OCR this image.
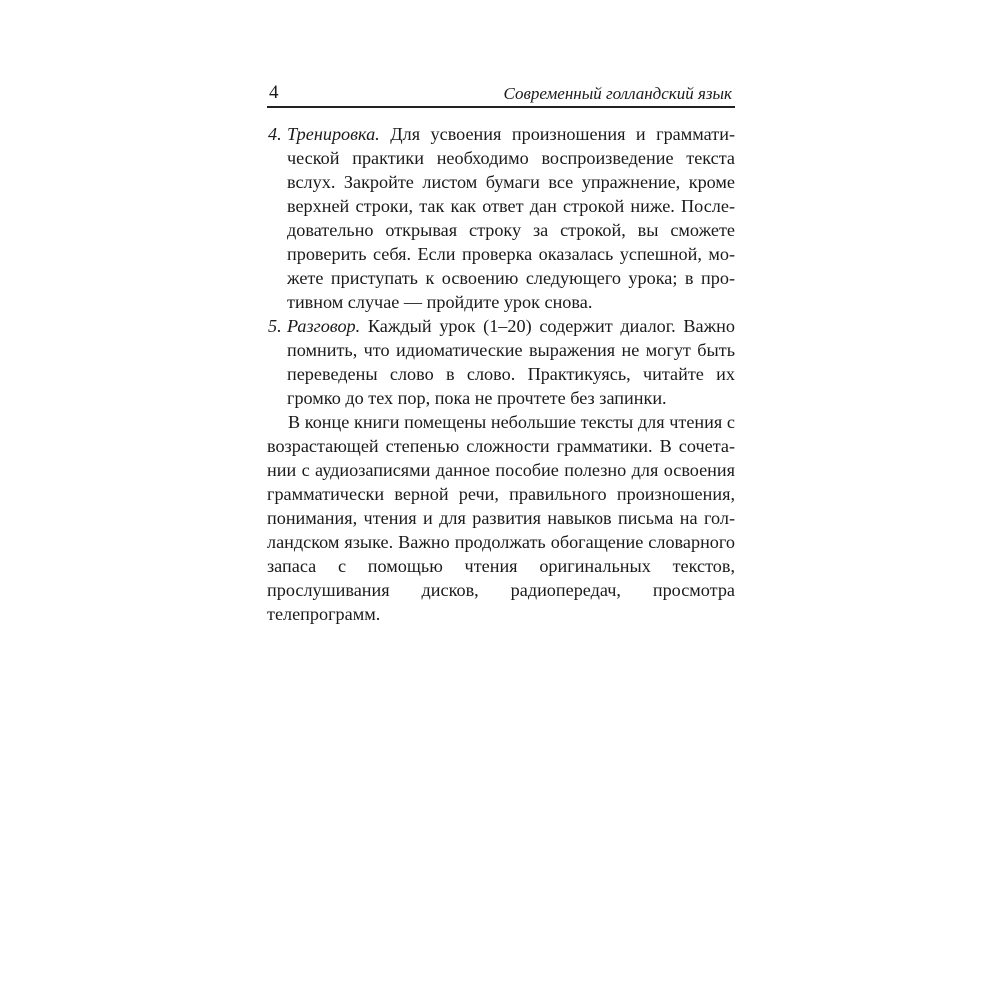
4	Современный голландский язык
4. Тренировка. Для усвоения произношения и грамматической практики необходимо воспроизведение текста вслух. Закройте листом бумаги все упражнение, кроме верхней строки, так как ответ дан строкой ниже. Последовательно открывая строку за строкой, вы сможете проверить себя. Если проверка оказалась успешной, можете приступать к освоению следующего урока; в противном случае — пройдите урок снова.
5. Разговор. Каждый урок (1–20) содержит диалог. Важно помнить, что идиоматические выражения не могут быть переведены слово в слово. Практикуясь, читайте их громко до тех пор, пока не прочтете без запинки.

В конце книги помещены небольшие тексты для чтения с возрастающей степенью сложности грамматики. В сочетании с аудиозаписями данное пособие полезно для освоения грамматически верной речи, правильного произношения, понимания, чтения и для развития навыков письма на голландском языке. Важно продолжать обогащение словарного запаса с помощью чтения оригинальных текстов, прослушивания дисков, радиопередач, просмотра телепрограмм.
